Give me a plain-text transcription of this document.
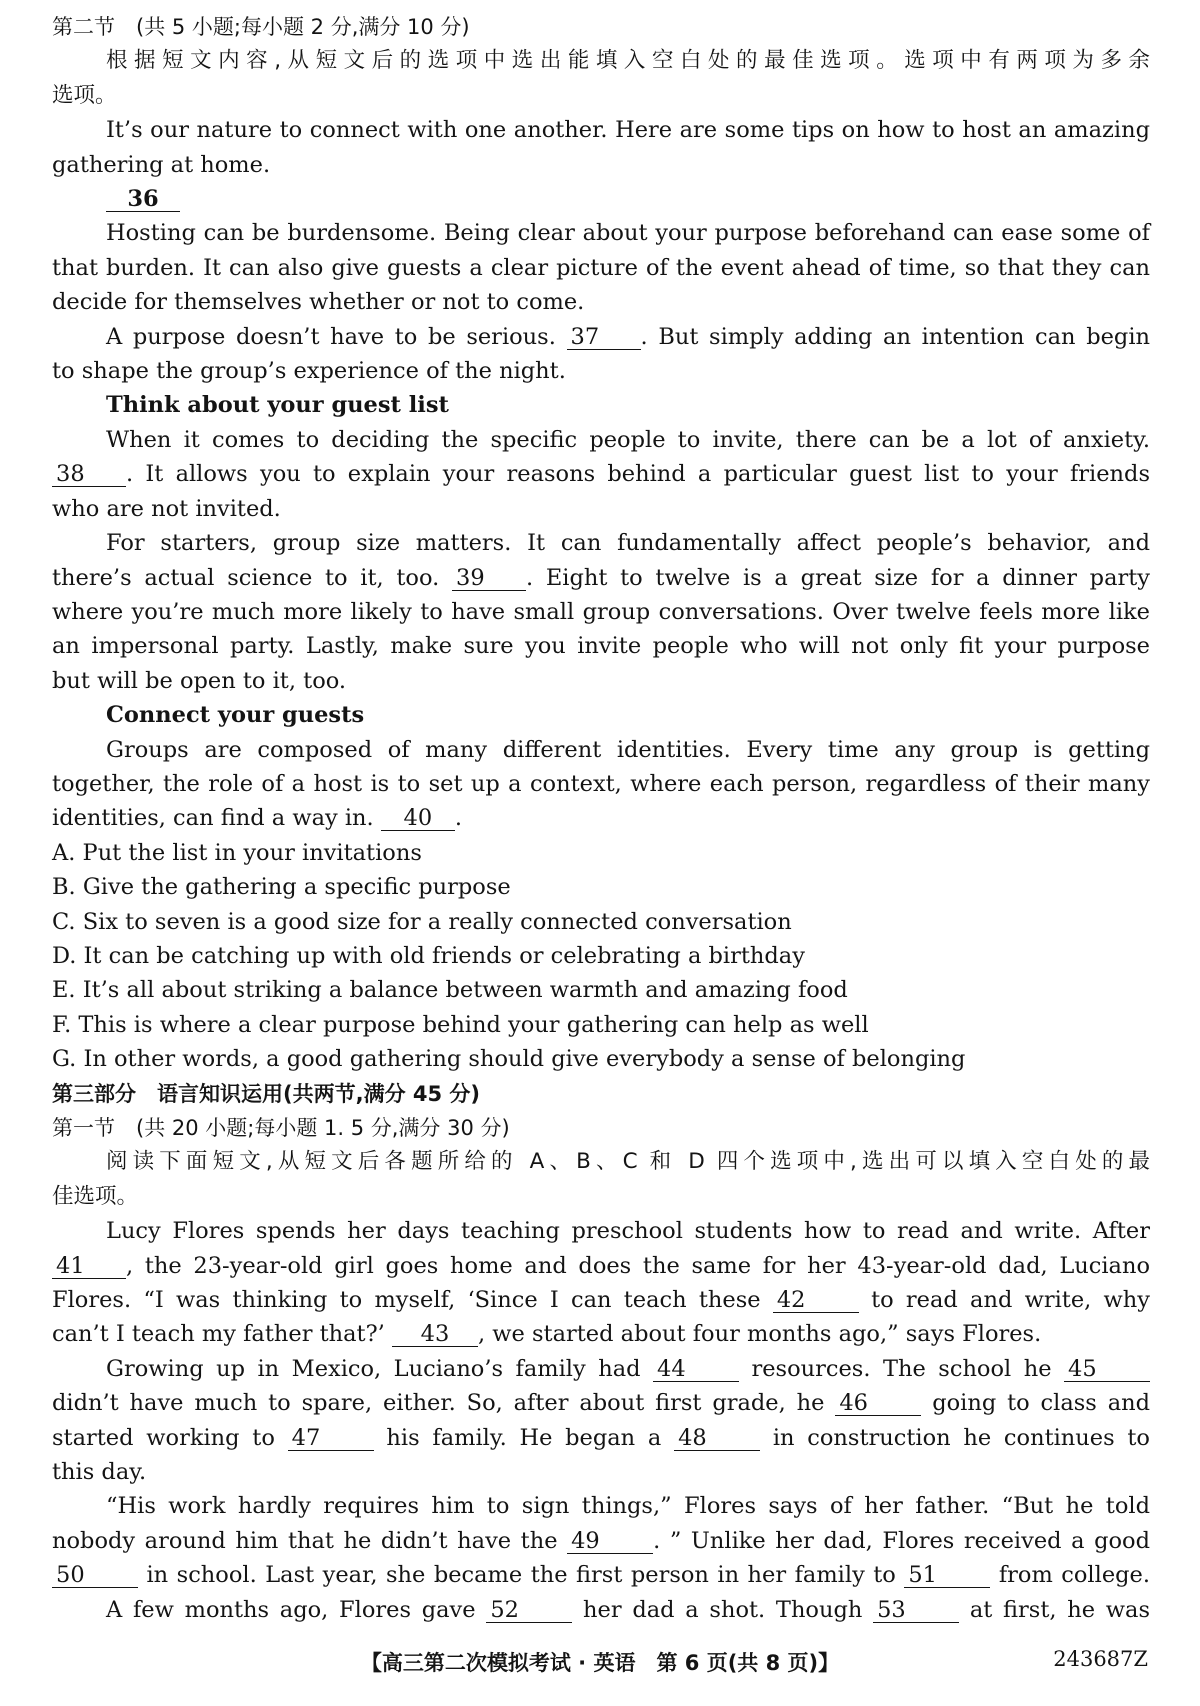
第二节　(共 5 小题;每小题 2 分,满分 10 分)
根据短文内容,从短文后的选项中选出能填入空白处的最佳选项。选项中有两项为多余
选项。
It’s our nature to connect with one another. Here are some tips on how to host an amazing
gathering at home.
36
Hosting can be burdensome. Being clear about your purpose beforehand can ease some of
that burden. It can also give guests a clear picture of the event ahead of time, so that they can
decide for themselves whether or not to come.
A purpose doesn’t have to be serious. 37 . But simply adding an intention can begin
to shape the group’s experience of the night.
Think about your guest list
When it comes to deciding the specific people to invite, there can be a lot of anxiety.
38 . It allows you to explain your reasons behind a particular guest list to your friends
who are not invited.
For starters, group size matters. It can fundamentally affect people’s behavior, and
there’s actual science to it, too. 39 . Eight to twelve is a great size for a dinner party
where you’re much more likely to have small group conversations. Over twelve feels more like
an impersonal party. Lastly, make sure you invite people who will not only fit your purpose
but will be open to it, too.
Connect your guests
Groups are composed of many different identities. Every time any group is getting
together, the role of a host is to set up a context, where each person, regardless of their many
identities, can find a way in. 40 .
A. Put the list in your invitations
B. Give the gathering a specific purpose
C. Six to seven is a good size for a really connected conversation
D. It can be catching up with old friends or celebrating a birthday
E. It’s all about striking a balance between warmth and amazing food
F. This is where a clear purpose behind your gathering can help as well
G. In other words, a good gathering should give everybody a sense of belonging
第三部分　语言知识运用(共两节,满分 45 分)
第一节　(共 20 小题;每小题 1. 5 分,满分 30 分)
阅读下面短文,从短文后各题所给的 A、B、C 和 D 四个选项中,选出可以填入空白处的最
佳选项。
Lucy Flores spends her days teaching preschool students how to read and write. After
41 , the 23-year-old girl goes home and does the same for her 43-year-old dad, Luciano
Flores. “I was thinking to myself, ‘Since I can teach these 42	to read and write, why
can’t I teach my father that?’ 43 , we started about four months ago,” says Flores.
Growing up in Mexico, Luciano’s family had 44	resources. The school he 45
didn’t have much to spare, either. So, after about first grade, he 46	going to class and
started working to 47	his family. He began a 48	in construction he continues to
this day.
“His work hardly requires him to sign things,” Flores says of her father. “But he told
nobody around him that he didn’t have the 49 . ” Unlike her dad, Flores received a good
50	in school. Last year, she became the first person in her family to 51	from college.
A few months ago, Flores gave 52	her dad a shot. Though 53	at first, he was
【高三第二次模拟考试 · 英语　第 6 页(共 8 页)】	243687Z
